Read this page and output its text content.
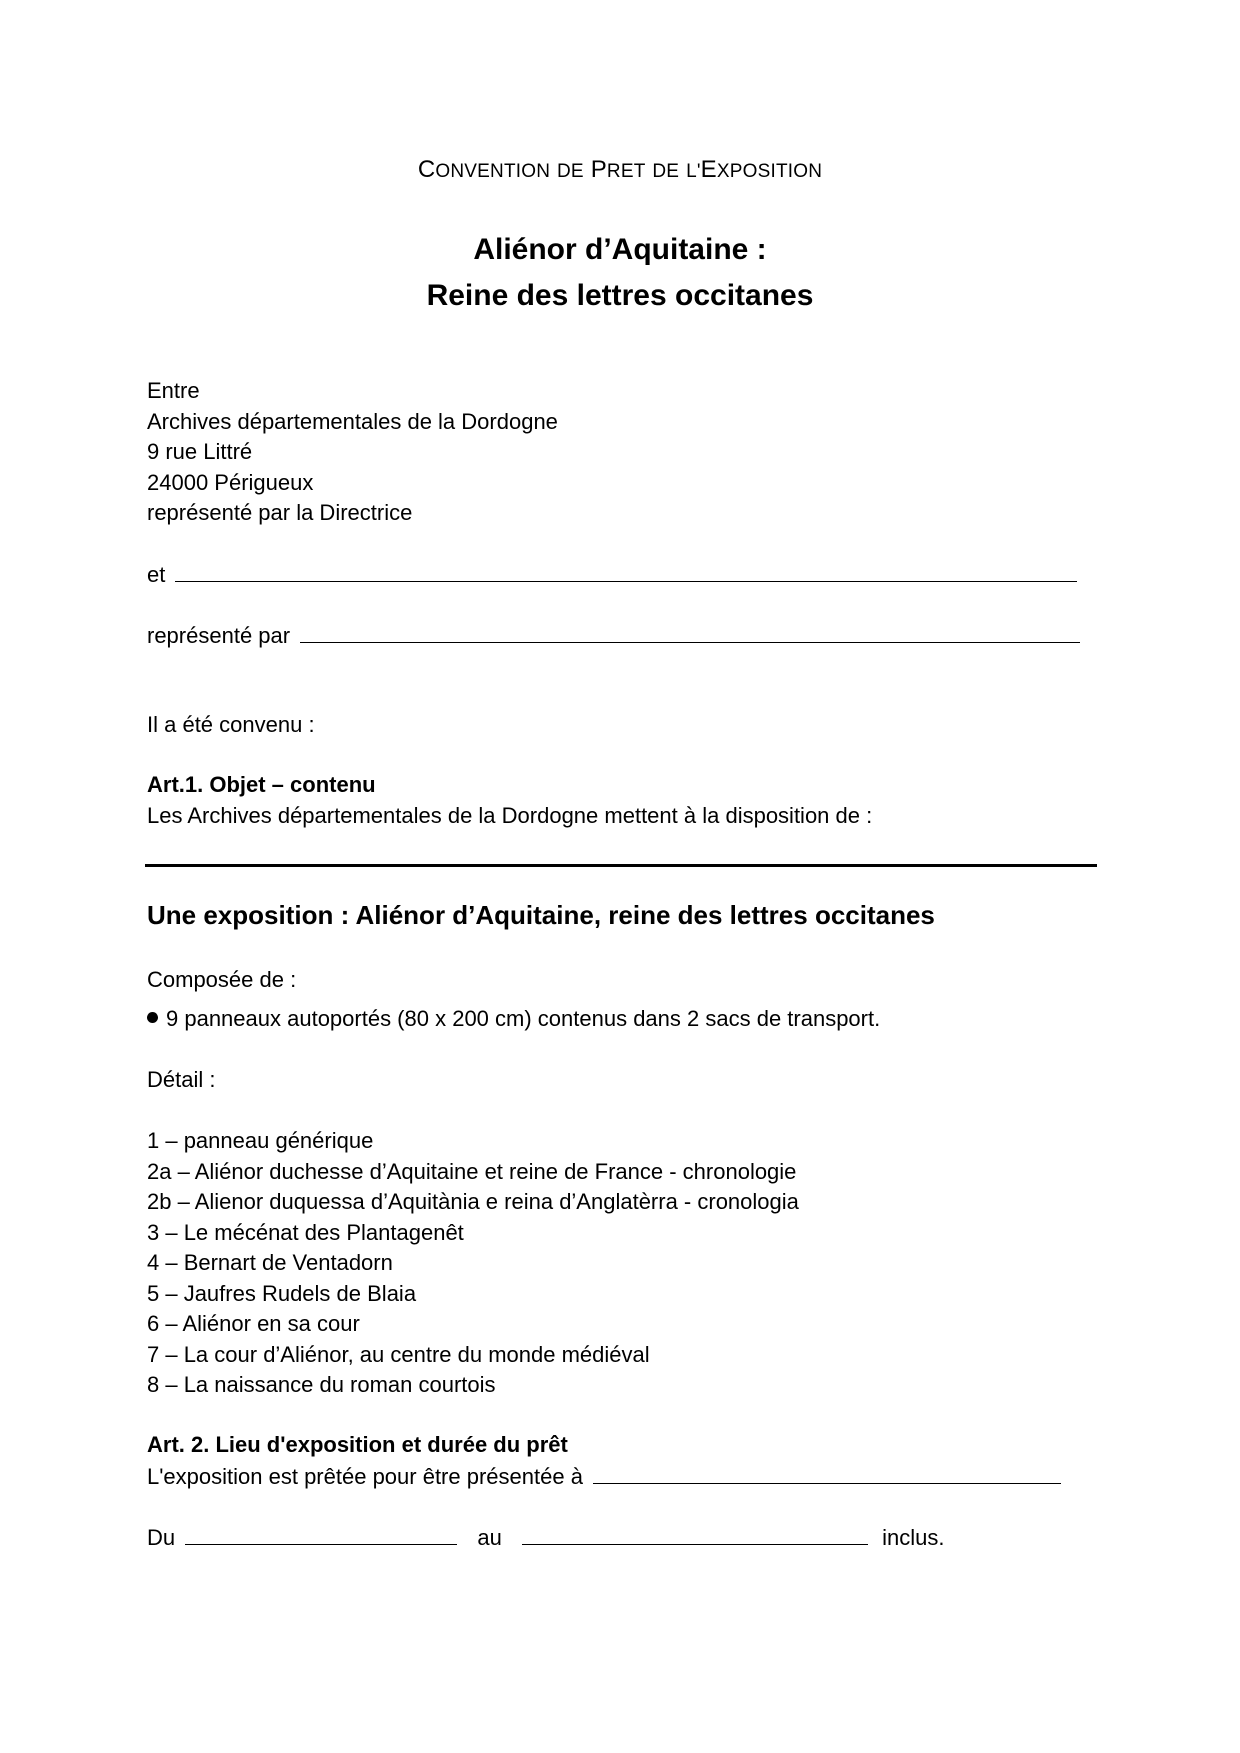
CONVENTION DE PRET DE L'EXPOSITION
Aliénor d’Aquitaine :
Reine des lettres occitanes
Entre
Archives départementales de la Dordogne
9 rue Littré
24000 Périgueux
représenté par la Directrice
et
représenté par
Il a été convenu :
Art.1. Objet – contenu
Les Archives départementales de la Dordogne mettent à la disposition de :
Une exposition : Aliénor d’Aquitaine, reine des lettres occitanes
Composée de :
9 panneaux autoportés (80 x 200 cm) contenus dans 2 sacs de transport.
Détail :
1 – panneau générique
2a – Aliénor duchesse d’Aquitaine et reine de France - chronologie
2b – Alienor duquessa d’Aquitània e reina d’Anglatèrra - cronologia
3 – Le mécénat des Plantagenêt
4 – Bernart de Ventadorn
5 – Jaufres Rudels de Blaia
6 – Aliénor en sa cour
7 – La cour d’Aliénor, au centre du monde médiéval
8 – La naissance du roman courtois
Art. 2. Lieu d'exposition et durée du prêt
L'exposition est prêtée pour être présentée à
Du	au	inclus.
